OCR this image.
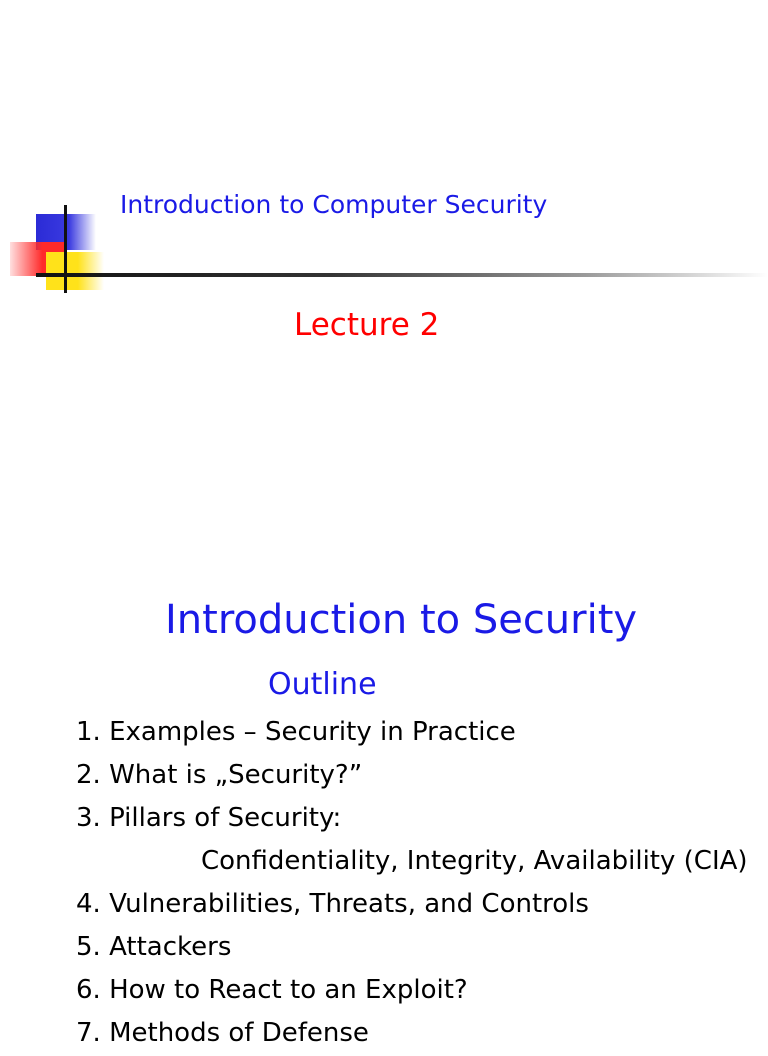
Introduction to Computer Security
Lecture 2
Introduction to Security
Outline
1. Examples – Security in Practice
2. What is „Security?”
3. Pillars of Security:
Confidentiality, Integrity, Availability (CIA)
4. Vulnerabilities, Threats, and Controls
5. Attackers
6. How to React to an Exploit?
7. Methods of Defense
